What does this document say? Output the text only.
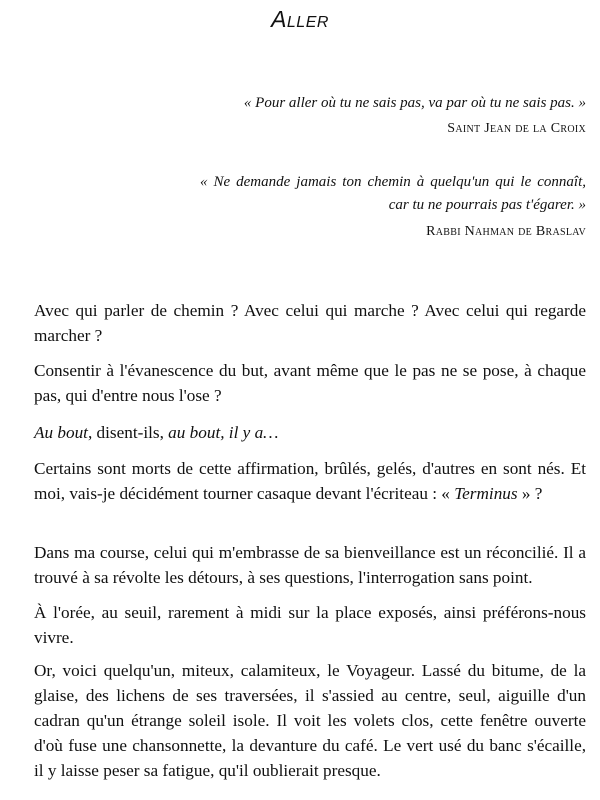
Aller
« Pour aller où tu ne sais pas, va par où tu ne sais pas. »
Saint Jean de la Croix
« Ne demande jamais ton chemin à quelqu'un qui le connaît, car tu ne pourrais pas t'égarer. »
Rabbi Nahman de Braslav

Avec qui parler de chemin ? Avec celui qui marche ? Avec celui qui regarde marcher ?

Consentir à l'évanescence du but, avant même que le pas ne se pose, à chaque pas, qui d'entre nous l'ose ?

Au bout, disent-ils, au bout, il y a…

Certains sont morts de cette affirmation, brûlés, gelés, d'autres en sont nés. Et moi, vais-je décidément tourner casaque devant l'écriteau : « Terminus » ?

Dans ma course, celui qui m'embrasse de sa bienveillance est un réconcilié. Il a trouvé à sa révolte les détours, à ses questions, l'interrogation sans point.

À l'orée, au seuil, rarement à midi sur la place exposés, ainsi préférons-nous vivre.

Or, voici quelqu'un, miteux, calamiteux, le Voyageur. Lassé du bitume, de la glaise, des lichens de ses traversées, il s'assied au centre, seul, aiguille d'un cadran qu'un étrange soleil isole. Il voit les volets clos, cette fenêtre ouverte d'où fuse une chansonnette, la devanture du café. Le vert usé du banc s'écaille, il y laisse peser sa fatigue, qu'il oublierait presque.
